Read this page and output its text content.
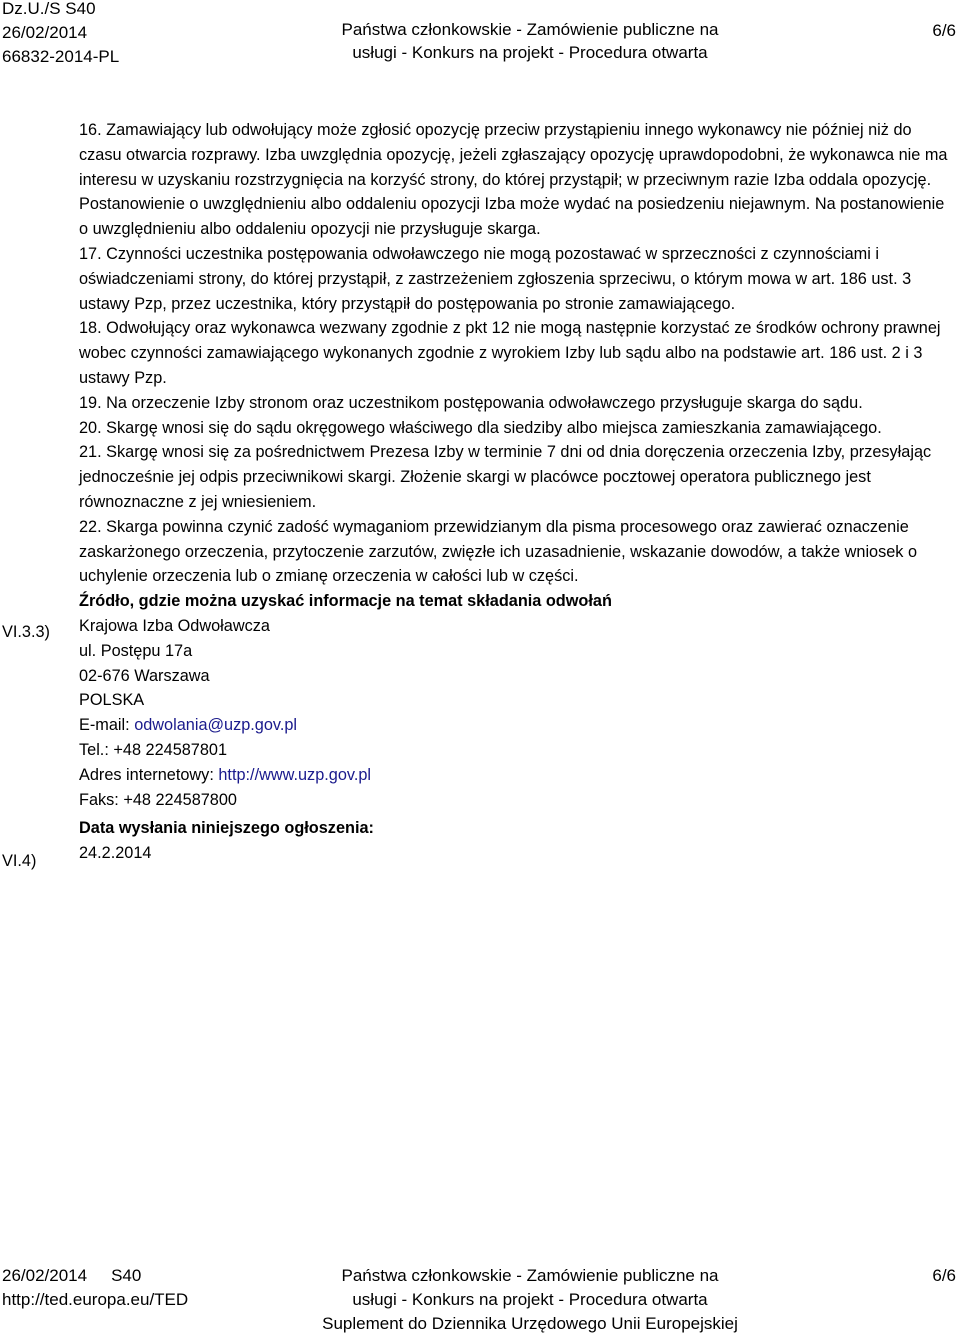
Dz.U./S S40
26/02/2014
66832-2014-PL
Państwa członkowskie - Zamówienie publiczne na
usługi - Konkurs na projekt - Procedura otwarta
6/6

16. Zamawiający lub odwołujący może zgłosić opozycję przeciw przystąpieniu innego wykonawcy nie później niż do czasu otwarcia rozprawy. Izba uwzględnia opozycję, jeżeli zgłaszający opozycję uprawdopodobni, że wykonawca nie ma interesu w uzyskaniu rozstrzygnięcia na korzyść strony, do której przystąpił; w przeciwnym razie Izba oddala opozycję. Postanowienie o uwzględnieniu albo oddaleniu opozycji Izba może wydać na posiedzeniu niejawnym. Na postanowienie o uwzględnieniu albo oddaleniu opozycji nie przysługuje skarga.

17. Czynności uczestnika postępowania odwoławczego nie mogą pozostawać w sprzeczności z czynnościami i oświadczeniami strony, do której przystąpił, z zastrzeżeniem zgłoszenia sprzeciwu, o którym mowa w art. 186 ust. 3 ustawy Pzp, przez uczestnika, który przystąpił do postępowania po stronie zamawiającego.

18. Odwołujący oraz wykonawca wezwany zgodnie z pkt 12 nie mogą następnie korzystać ze środków ochrony prawnej wobec czynności zamawiającego wykonanych zgodnie z wyrokiem Izby lub sądu albo na podstawie art. 186 ust. 2 i 3 ustawy Pzp.

19. Na orzeczenie Izby stronom oraz uczestnikom postępowania odwoławczego przysługuje skarga do sądu.

20. Skargę wnosi się do sądu okręgowego właściwego dla siedziby albo miejsca zamieszkania zamawiającego.

21. Skargę wnosi się za pośrednictwem Prezesa Izby w terminie 7 dni od dnia doręczenia orzeczenia Izby, przesyłając jednocześnie jej odpis przeciwnikowi skargi. Złożenie skargi w placówce pocztowej operatora publicznego jest równoznaczne z jej wniesieniem.

22. Skarga powinna czynić zadość wymaganiom przewidzianym dla pisma procesowego oraz zawierać oznaczenie zaskarżonego orzeczenia, przytoczenie zarzutów, zwięzłe ich uzasadnienie, wskazanie dowodów, a także wniosek o uchylenie orzeczenia lub o zmianę orzeczenia w całości lub w części.

Źródło, gdzie można uzyskać informacje na temat składania odwołań

Krajowa Izba Odwoławcza

ul. Postępu 17a

02-676 Warszawa

POLSKA

E-mail: odwolania@uzp.gov.pl

Tel.: +48 224587801

Adres internetowy: http://www.uzp.gov.pl

Faks: +48 224587800

Data wysłania niniejszego ogłoszenia:

24.2.2014

VI.3.3)
VI.4)
26/02/2014 S40
http://ted.europa.eu/TED
Państwa członkowskie - Zamówienie publiczne na
usługi - Konkurs na projekt - Procedura otwarta
Suplement do Dziennika Urzędowego Unii Europejskiej
6/6
